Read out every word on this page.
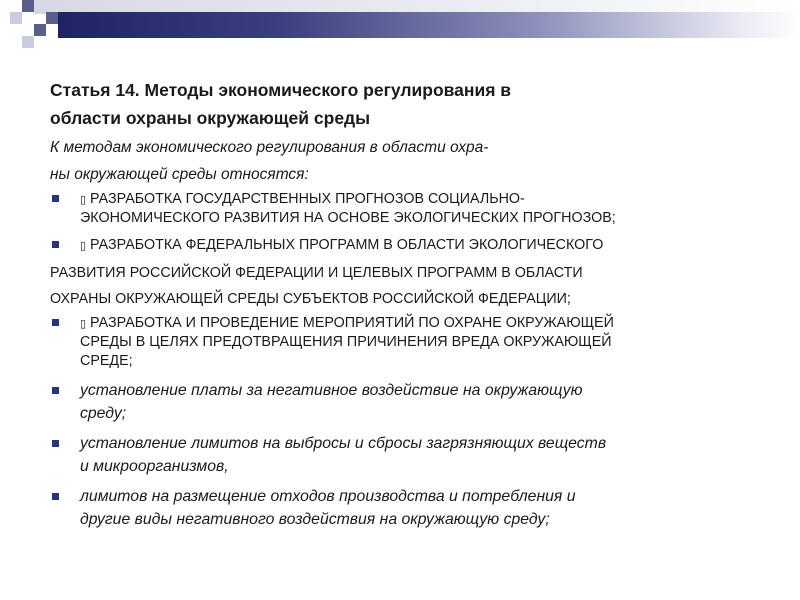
Статья 14. Методы экономического регулирования в
области охраны окружающей среды
К методам экономического регулирования в области охра-
ны окружающей среды относятся:
▯ РАЗРАБОТКА ГОСУДАРСТВЕННЫХ ПРОГНОЗОВ СОЦИАЛЬНО-
ЭКОНОМИЧЕСКОГО РАЗВИТИЯ НА ОСНОВЕ ЭКОЛОГИЧЕСКИХ ПРОГНОЗОВ;
▯ РАЗРАБОТКА ФЕДЕРАЛЬНЫХ ПРОГРАММ В ОБЛАСТИ ЭКОЛОГИЧЕСКОГО
РАЗВИТИЯ РОССИЙСКОЙ ФЕДЕРАЦИИ И ЦЕЛЕВЫХ ПРОГРАММ В ОБЛАСТИ
ОХРАНЫ ОКРУЖАЮЩЕЙ СРЕДЫ СУБЪЕКТОВ РОССИЙСКОЙ ФЕДЕРАЦИИ;
▯ РАЗРАБОТКА И ПРОВЕДЕНИЕ МЕРОПРИЯТИЙ ПО ОХРАНЕ ОКРУЖАЮЩЕЙ
СРЕДЫ В ЦЕЛЯХ ПРЕДОТВРАЩЕНИЯ ПРИЧИНЕНИЯ ВРЕДА ОКРУЖАЮЩЕЙ
СРЕДЕ;
установление платы за негативное воздействие на окружающую
среду;
установление лимитов на выбросы и сбросы загрязняющих веществ
и микроорганизмов,
лимитов на размещение отходов производства и потребления и
другие виды негативного воздействия на окружающую среду;
